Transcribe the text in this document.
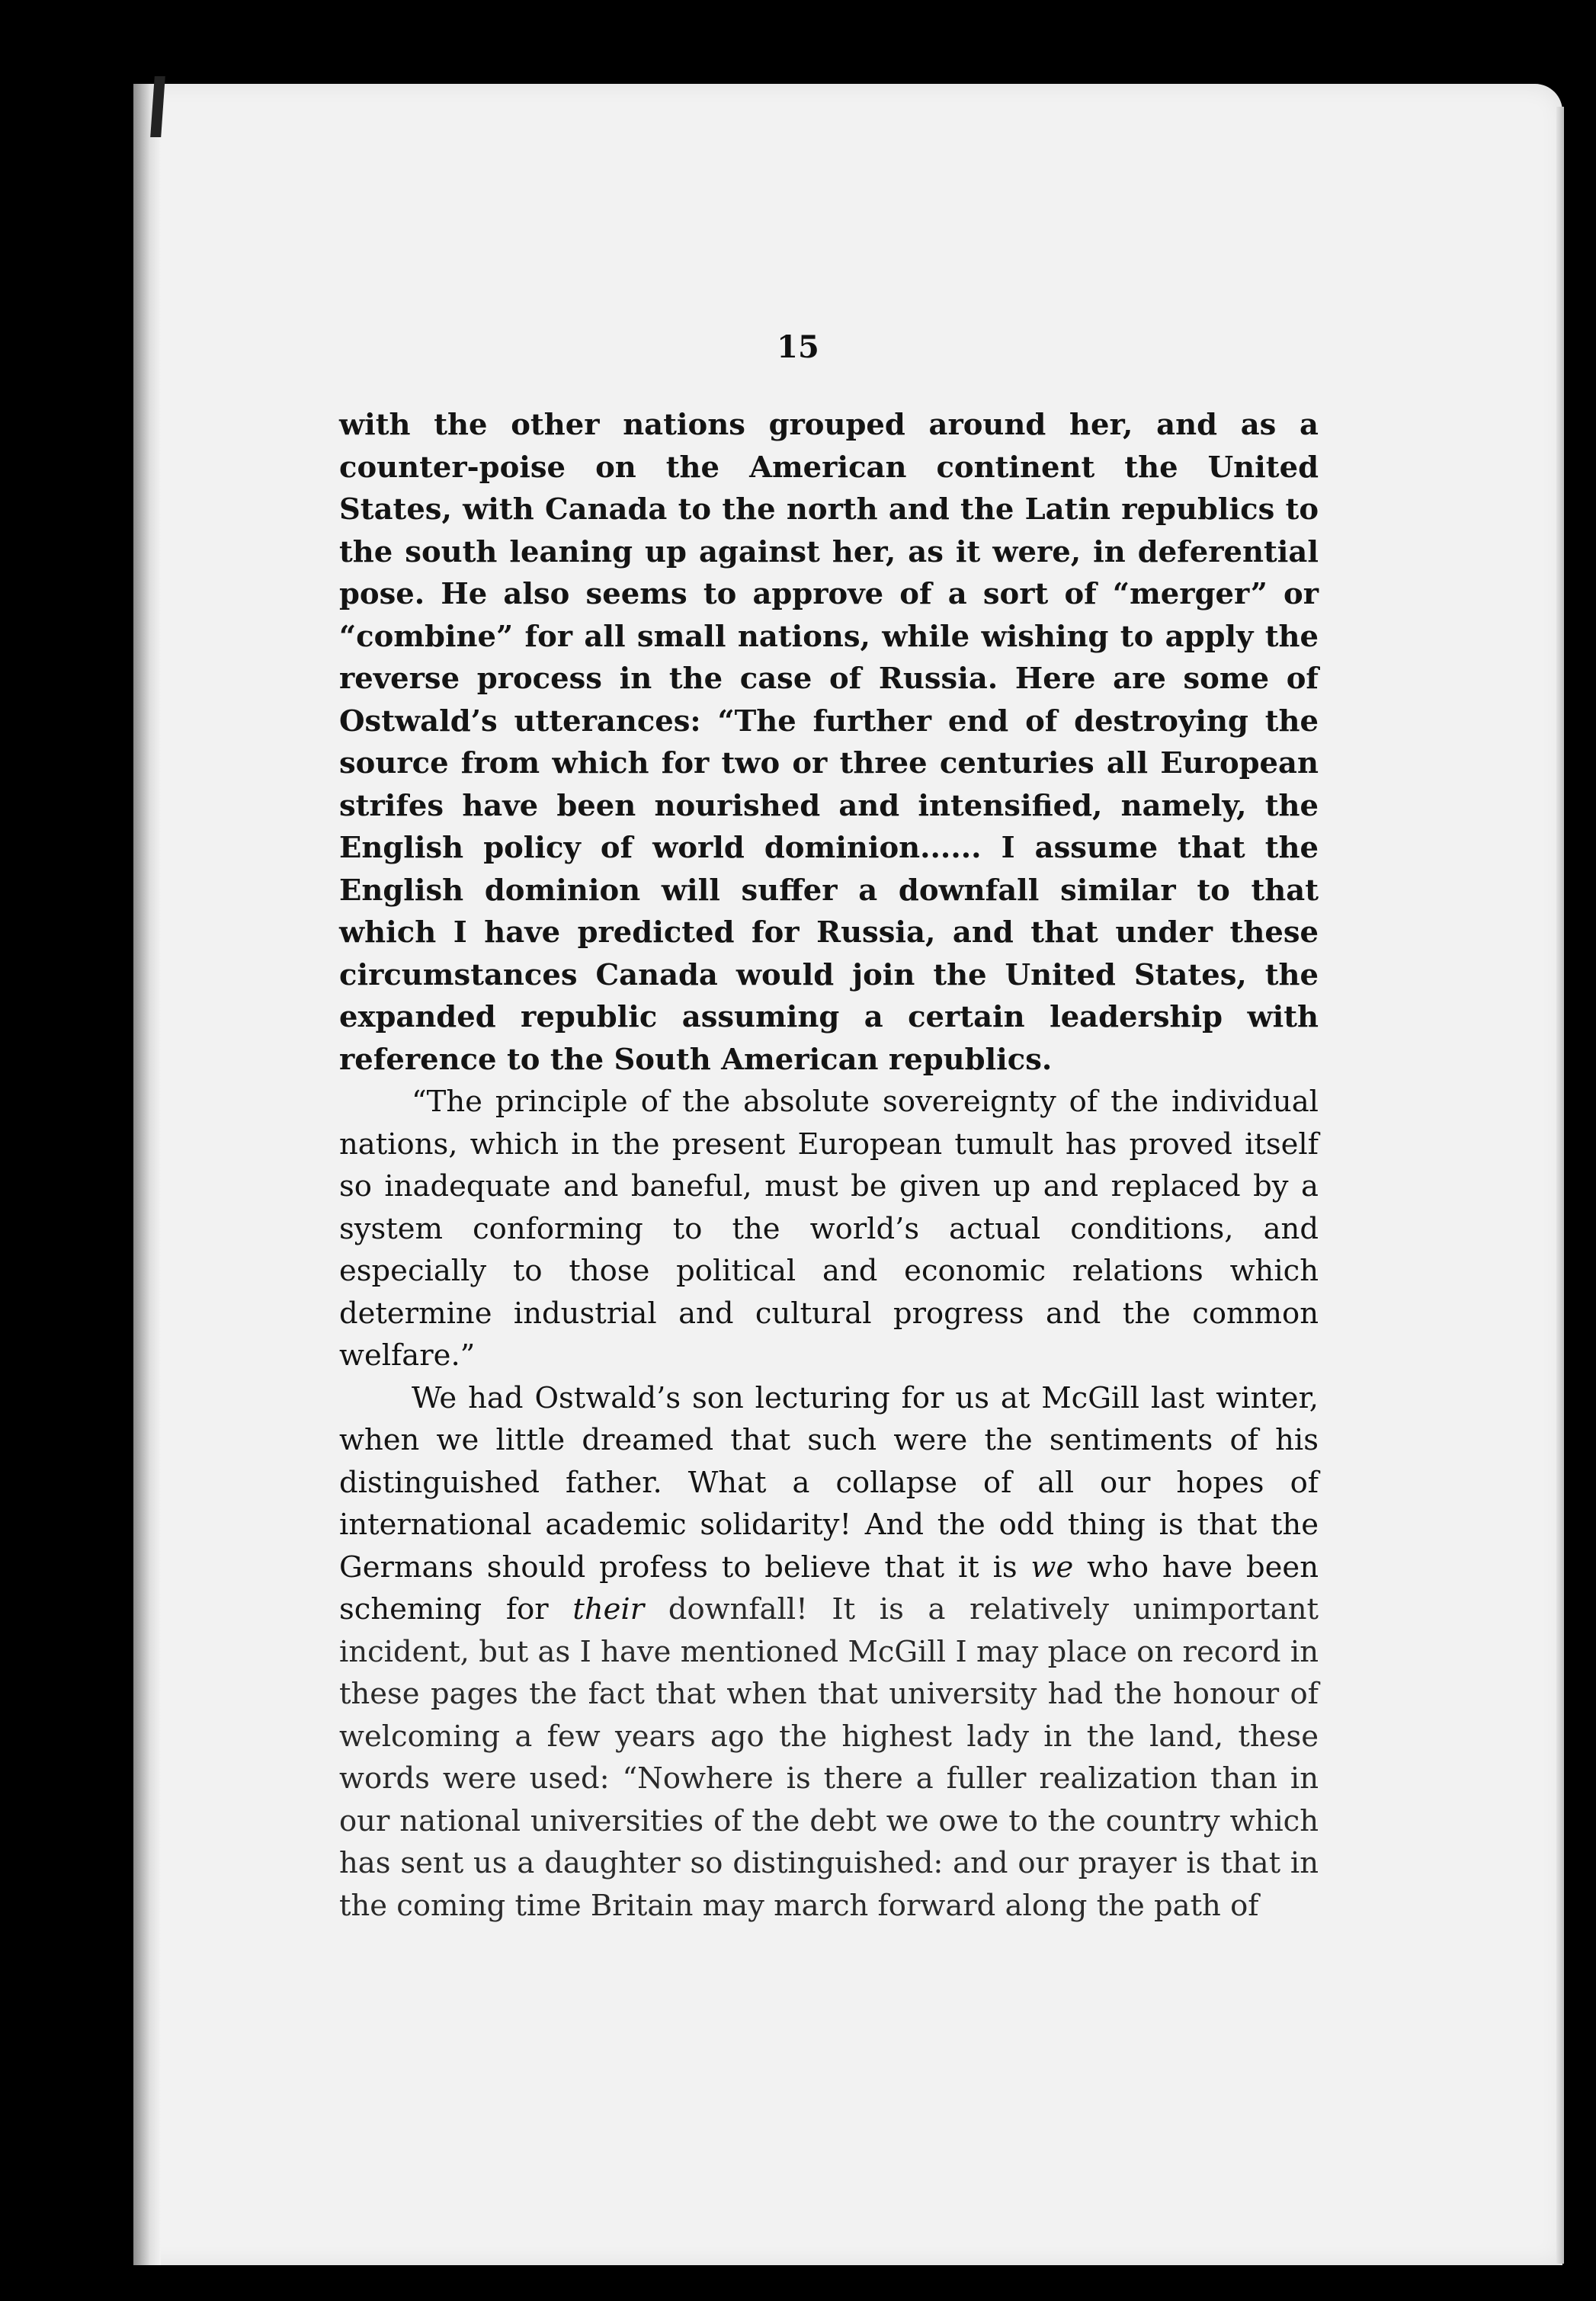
15

with the other nations grouped around her, and as a counter-poise on the American continent the United States, with Canada to the north and the Latin republics to the south leaning up against her, as it were, in deferential pose. He also seems to approve of a sort of “merger” or “combine” for all small nations, while wishing to apply the reverse process in the case of Russia. Here are some of Ostwald’s utterances: “The further end of destroying the source from which for two or three centuries all European strifes have been nourished and intensified, namely, the English policy of world dominion...... I assume that the English dominion will suffer a downfall similar to that which I have predicted for Russia, and that under these circumstances Canada would join the United States, the expanded republic assuming a certain leadership with reference to the South American republics.

“The principle of the absolute sovereignty of the individual nations, which in the present European tumult has proved itself so inadequate and baneful, must be given up and replaced by a system conforming to the world’s actual conditions, and especially to those political and economic relations which determine industrial and cultural progress and the common welfare.”

We had Ostwald’s son lecturing for us at McGill last winter, when we little dreamed that such were the sentiments of his distinguished father. What a collapse of all our hopes of international academic solidarity! And the odd thing is that the Germans should profess to believe that it is we who have been scheming for their downfall! It is a relatively unimportant incident, but as I have mentioned McGill I may place on record in these pages the fact that when that university had the honour of welcoming a few years ago the highest lady in the land, these words were used: “Nowhere is there a fuller realization than in our national universities of the debt we owe to the country which has sent us a daughter so distinguished: and our prayer is that in the coming time Britain may march forward along the path of
